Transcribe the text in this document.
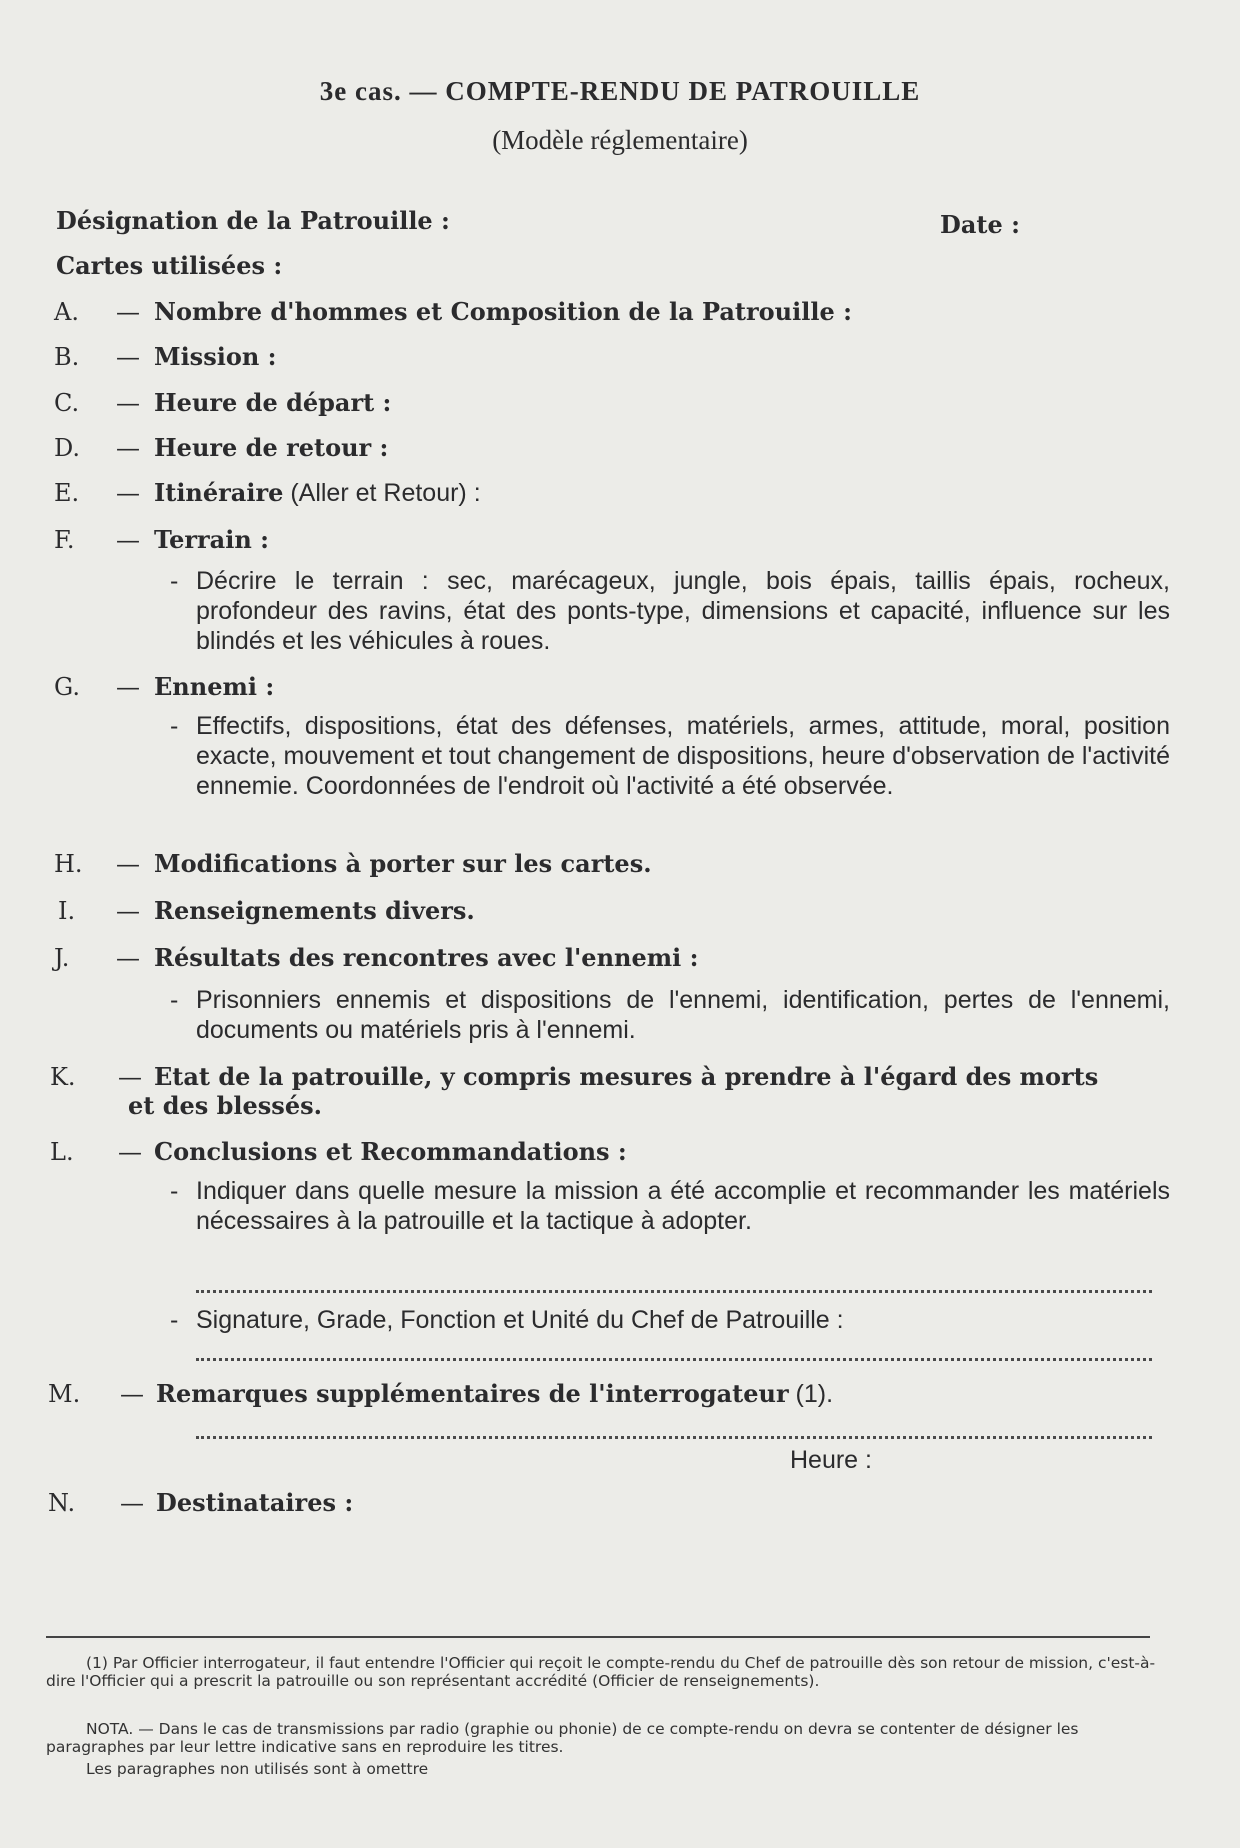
3e cas. — COMPTE-RENDU DE PATROUILLE
(Modèle réglementaire)
Désignation de la Patrouille :	Date :
Cartes utilisées :
A. — Nombre d'hommes et Composition de la Patrouille :
B. — Mission :
C. — Heure de départ :
D. — Heure de retour :
E. — Itinéraire (Aller et Retour) :
F. — Terrain :
- Décrire le terrain : sec, marécageux, jungle, bois épais, taillis épais, rocheux, profondeur des ravins, état des ponts-type, dimensions et capacité, influence sur les blindés et les véhicules à roues.
G. — Ennemi :
- Effectifs, dispositions, état des défenses, matériels, armes, attitude, moral, position exacte, mouvement et tout changement de dispositions, heure d'observation de l'activité ennemie. Coordonnées de l'endroit où l'activité a été observée.
H. — Modifications à porter sur les cartes.
I. — Renseignements divers.
J. — Résultats des rencontres avec l'ennemi :
- Prisonniers ennemis et dispositions de l'ennemi, identification, pertes de l'ennemi, documents ou matériels pris à l'ennemi.
K. — Etat de la patrouille, y compris mesures à prendre à l'égard des morts
et des blessés.
L. — Conclusions et Recommandations :
- Indiquer dans quelle mesure la mission a été accomplie et recommander les matériels nécessaires à la patrouille et la tactique à adopter.
- Signature, Grade, Fonction et Unité du Chef de Patrouille :
M. — Remarques supplémentaires de l'interrogateur (1).
Heure :
N. — Destinataires :
(1) Par Officier interrogateur, il faut entendre l'Officier qui reçoit le compte-rendu du Chef de patrouille dès son retour de mission, c'est-à-dire l'Officier qui a prescrit la patrouille ou son représentant accrédité (Officier de renseignements).
NOTA. — Dans le cas de transmissions par radio (graphie ou phonie) de ce compte-rendu on devra se contenter de désigner les paragraphes par leur lettre indicative sans en reproduire les titres.
Les paragraphes non utilisés sont à omettre
